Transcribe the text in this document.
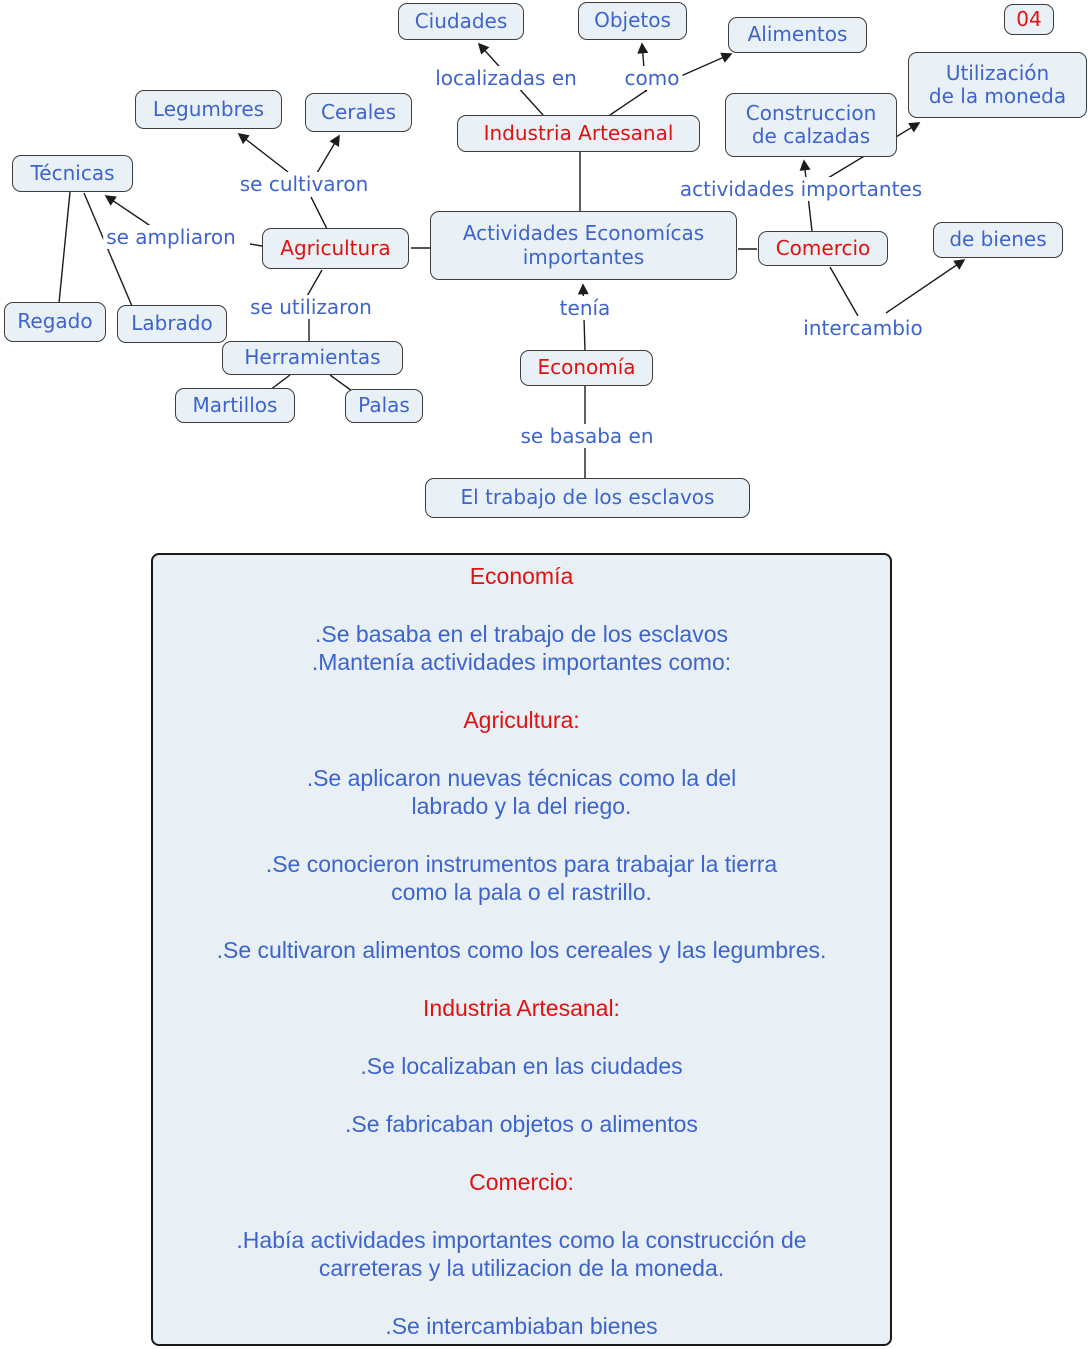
localizadas en como
se cultivaron
se ampliaron
se utilizaron
actividades importantes
tenía
intercambio
se basaba en
Ciudades	Objetos
Alimentos
04
Utilización
de la moneda
Construccion
de calzadas
Industria Artesanal
Legumbres	Cerales
Técnicas
Agricultura
Actividades Economícas
importantes	Comercio	de bienes
Regado Labrado
Herramientas
Martillos	Palas
Economía
El trabajo de los esclavos
Economía
.Se basaba en el trabajo de los esclavos
.Mantenía actividades importantes como:
Agricultura:
.Se aplicaron nuevas técnicas como la del
labrado y la del riego.
.Se conocieron instrumentos para trabajar la tierra
como la pala o el rastrillo.
.Se cultivaron alimentos como los cereales y las legumbres.
Industria Artesanal:
.Se localizaban en las ciudades
.Se fabricaban objetos o alimentos
Comercio:
.Había actividades importantes como la construcción de
carreteras y la utilizacion de la moneda.
.Se intercambiaban bienes
